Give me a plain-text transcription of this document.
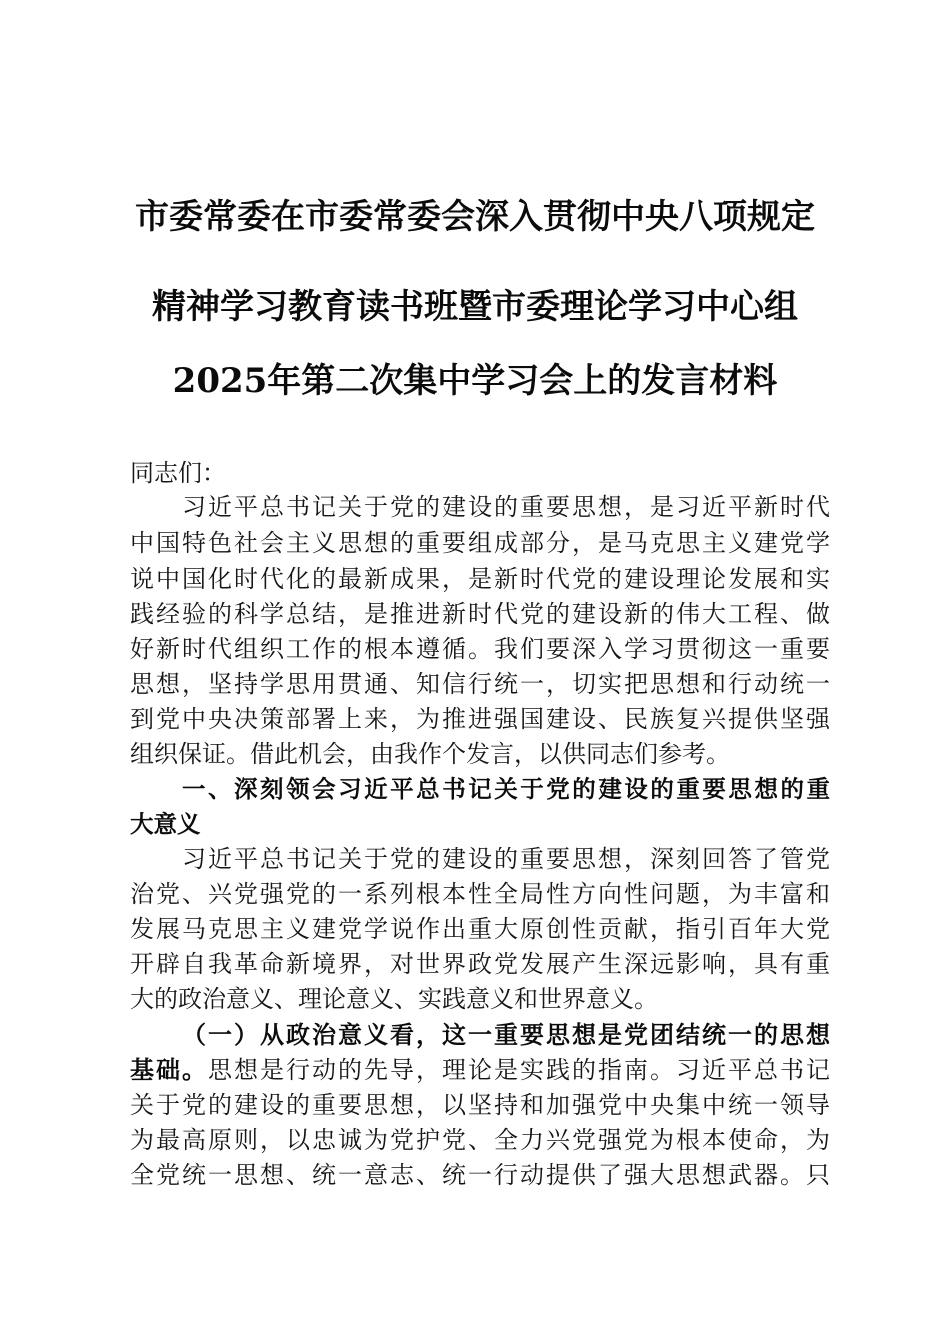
市委常委在市委常委会深入贯彻中央八项规定
精神学习教育读书班暨市委理论学习中心组
2025年第二次集中学习会上的发言材料
同志们：
习近平总书记关于党的建设的重要思想，是习近平新时代
中国特色社会主义思想的重要组成部分，是马克思主义建党学
说中国化时代化的最新成果，是新时代党的建设理论发展和实
践经验的科学总结，是推进新时代党的建设新的伟大工程、做
好新时代组织工作的根本遵循。我们要深入学习贯彻这一重要
思想，坚持学思用贯通、知信行统一，切实把思想和行动统一
到党中央决策部署上来，为推进强国建设、民族复兴提供坚强
组织保证。借此机会，由我作个发言，以供同志们参考。
一、深刻领会习近平总书记关于党的建设的重要思想的重
大意义
习近平总书记关于党的建设的重要思想，深刻回答了管党
治党、兴党强党的一系列根本性全局性方向性问题，为丰富和
发展马克思主义建党学说作出重大原创性贡献，指引百年大党
开辟自我革命新境界，对世界政党发展产生深远影响，具有重
大的政治意义、理论意义、实践意义和世界意义。
（一）从政治意义看，这一重要思想是党团结统一的思想
基础。思想是行动的先导，理论是实践的指南。习近平总书记
关于党的建设的重要思想，以坚持和加强党中央集中统一领导
为最高原则，以忠诚为党护党、全力兴党强党为根本使命，为
全党统一思想、统一意志、统一行动提供了强大思想武器。只
